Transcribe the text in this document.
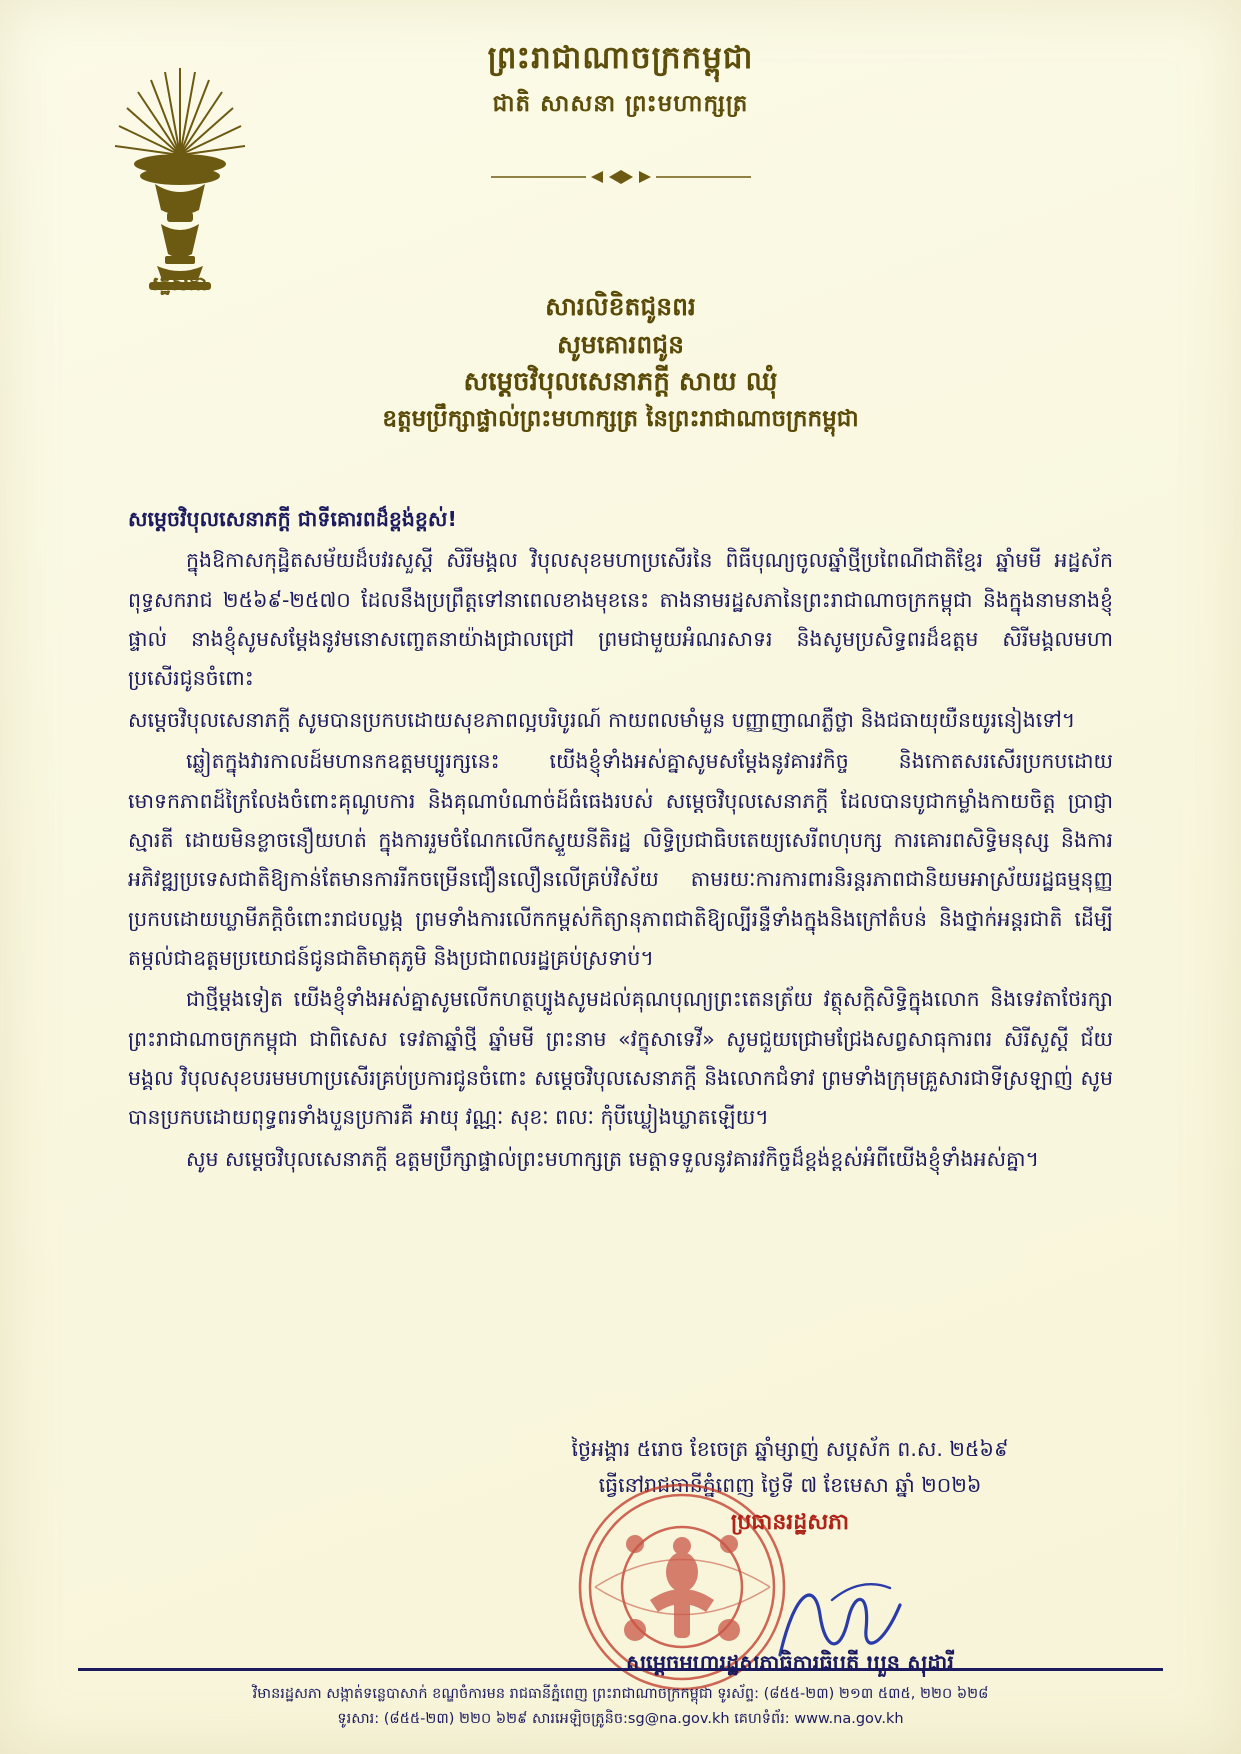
រដ្ឋសភា
ព្រះរាជាណាចក្រកម្ពុជា
ជាតិ សាសនា ព្រះមហាក្សត្រ
សារលិខិតជូនពរ
សូមគោរពជូន
សម្តេចវិបុលសេនាភក្តី សាយ ឈុំ
ឧត្តមប្រឹក្សាផ្ទាល់ព្រះមហាក្សត្រ នៃព្រះរាជាណាចក្រកម្ពុជា

សម្តេចវិបុលសេនាភក្តី ជាទីគោរពដ៏ខ្ពង់ខ្ពស់!

ក្នុងឱកាសកុដ្ឋិតសម័យដ៏បវរសួស្តី សិរីមង្គល វិបុលសុខមហាប្រសើរនៃ ពិធីបុណ្យចូលឆ្នាំថ្មីប្រពៃណីជាតិខ្មែរ ឆ្នាំមមី អដ្ឋស័ក ពុទ្ធសករាជ ២៥៦៩-២៥៧០ ដែលនឹងប្រព្រឹត្តទៅនាពេលខាងមុខនេះ តាងនាមរដ្ឋសភានៃព្រះរាជាណាចក្រកម្ពុជា និងក្នុងនាមនាងខ្ញុំផ្ទាល់ នាងខ្ញុំសូមសម្តែងនូវមនោសញ្ចេតនាយ៉ាងជ្រាលជ្រៅ ព្រមជាមួយអំណរសាទរ និងសូមប្រសិទ្ធពរដ៏ឧត្តម សិរីមង្គលមហាប្រសើរជូនចំពោះ

សម្តេចវិបុលសេនាភក្តី សូមបានប្រកបដោយសុខភាពល្អបរិបូរណ៍ កាយពលមាំមួន បញ្ញាញាណភ្លឺថ្លា និងជធាយុយឺនយូរនៀងទៅ។

ឆ្លៀតក្នុងវារកាលដ៍មហានកឧត្តមប្បូរក្សនេះ យើងខ្ញុំទាំងអស់គ្នាសូមសម្តែងនូវគារវកិច្ច និងកោតសរសើរប្រកបដោយមោទកភាពដ៍ក្រៃលែងចំពោះគុណូបការ និងគុណាបំណាច់ដ៍ធំធេងរបស់ សម្តេចវិបុលសេនាភក្តី ដែលបានបូជាកម្លាំងកាយចិត្ត ប្រាជ្ញាស្មារតី ដោយមិនខ្លាចនឿយហត់ ក្នុងការរួមចំណែកលើកស្ទួយនីតិរដ្ឋ លិទ្ធិប្រជាធិបតេយ្យសេរីពហុបក្ស ការគោរពសិទ្ធិមនុស្ស និងការអភិវឌ្ឍប្រទេសជាតិឱ្យកាន់តែមានការរីកចម្រើនជឿនលឿនលើគ្រប់វិស័យ តាមរយៈការការពារនិរន្តរភាពជានិយមអាស្រ័យរដ្ឋធម្មនុញ្ញ ប្រកបដោយឃ្លាមីភក្តិចំពោះរាជបល្លង្ក ព្រមទាំងការលើកកម្ពស់កិត្យានុភាពជាតិឱ្យល្បីរន្ទឺទាំងក្នុងនិងក្រៅតំបន់ និងថ្នាក់អន្តរជាតិ ដើម្បីតម្កល់ជាឧត្តមប្រយោជន៍ជូនជាតិមាតុភូមិ និងប្រជាពលរដ្ឋគ្រប់ស្រទាប់។

ជាថ្មីម្តងទៀត យើងខ្ញុំទាំងអស់គ្នាសូមលើកហត្ថប្បូងសូមដល់គុណបុណ្យព្រះតេនត្រ័យ វត្ថុសក្តិសិទ្ធិក្នុងលោក និងទេវតាថែរក្សាព្រះរាជាណាចក្រកម្ពុជា ជាពិសេស ទេវតាឆ្នាំថ្មី ឆ្នាំមមី ព្រះនាម «វក្ខុសាទេវី» សូមជួយជ្រោមជ្រែងសព្វសាធុការពរ សិរីសួស្តី ជ័យមង្គល វិបុលសុខបរមមហាប្រសើរគ្រប់ប្រការជូនចំពោះ សម្តេចវិបុលសេនាភក្តី និងលោកជំទាវ ព្រមទាំងក្រុមគ្រួសារជាទីស្រឡាញ់ សូមបានប្រកបដោយពុទ្ធពរទាំងបួនប្រការគឺ អាយុ វណ្ណៈ សុខៈ ពលៈ កុំបីឃ្លៀងឃ្លាតឡើយ។

សូម សម្តេចវិបុលសេនាភក្តី ឧត្តមប្រឹក្សាផ្ទាល់ព្រះមហាក្សត្រ មេត្តាទទួលនូវគារវកិច្ចដ៏ខ្ពង់ខ្ពស់អំពីយើងខ្ញុំទាំងអស់គ្នា។

ថ្ងៃអង្គារ ៥រោច ខែចេត្រ ឆ្នាំម្សាញ់ សប្តស័ក ព.ស. ២៥៦៩
ធ្វើនៅរាជធានីភ្នំពេញ ថ្ងៃទី ៧ ខែមេសា ឆ្នាំ ២០២៦
ប្រធានរដ្ឋសភា
សម្តេចមហារដ្ឋសភាធិការធិបតី ឃួន សុដារី
វិមានរដ្ឋសភា សង្កាត់ទន្លេបាសាក់ ខណ្ឌចំការមន រាជធានីភ្នំពេញ ព្រះរាជាណាចក្រកម្ពុជា ទូរស័ព្ទ: (៨៥៥-២៣) ២១៣ ៥៣៥, ២២០ ៦២៨
ទូរសារ: (៨៥៥-២៣) ២២០ ៦២៩ សារអេឡិចត្រូនិច:sg@na.gov.kh គេហទំព័រ: www.na.gov.kh
